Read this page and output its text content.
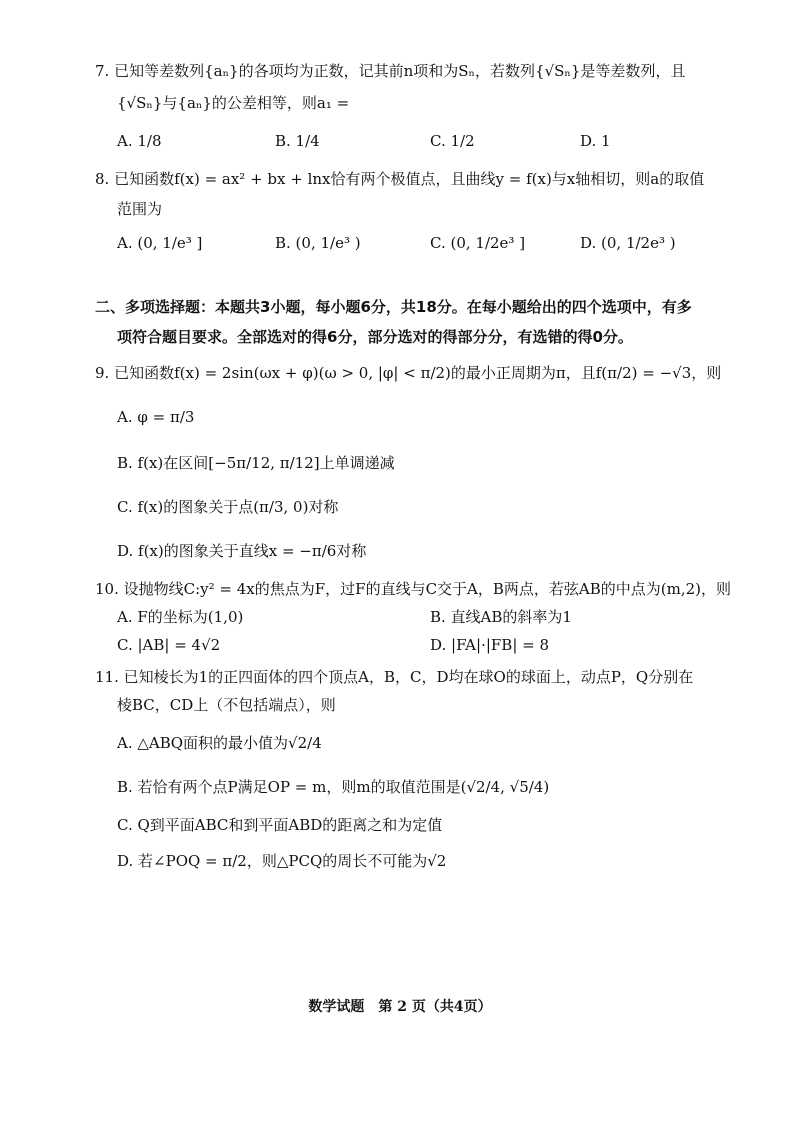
7. 已知等差数列{aₙ}的各项均为正数，记其前n项和为Sₙ，若数列{√Sₙ}是等差数列，且
{√Sₙ}与{aₙ}的公差相等，则a₁ =
A. 1/8	B. 1/4	C. 1/2	D. 1
8. 已知函数f(x) = ax² + bx + lnx恰有两个极值点，且曲线y = f(x)与x轴相切，则a的取值
范围为
A. (0, 1/e³ ]	B. (0, 1/e³ )	C. (0, 1/2e³ ]	D. (0, 1/2e³ )
二、多项选择题：本题共3小题，每小题6分，共18分。在每小题给出的四个选项中，有多
项符合题目要求。全部选对的得6分，部分选对的得部分分，有选错的得0分。
9. 已知函数f(x) = 2sin(ωx + φ)(ω > 0, |φ| < π/2)的最小正周期为π，且f(π/2) = −√3，则
A. φ = π/3
B. f(x)在区间[−5π/12, π/12]上单调递减
C. f(x)的图象关于点(π/3, 0)对称
D. f(x)的图象关于直线x = −π/6对称
10. 设抛物线C:y² = 4x的焦点为F，过F的直线与C交于A，B两点，若弦AB的中点为(m,2)，则
A. F的坐标为(1,0)	B. 直线AB的斜率为1
C. |AB| = 4√2	D. |FA|·|FB| = 8
11. 已知棱长为1的正四面体的四个顶点A，B，C，D均在球O的球面上，动点P，Q分别在
棱BC，CD上（不包括端点），则
A. △ABQ面积的最小值为√2/4
B. 若恰有两个点P满足OP = m，则m的取值范围是(√2/4, √5/4)
C. Q到平面ABC和到平面ABD的距离之和为定值
D. 若∠POQ = π/2，则△PCQ的周长不可能为√2
数学试题　第 2 页（共4页）
